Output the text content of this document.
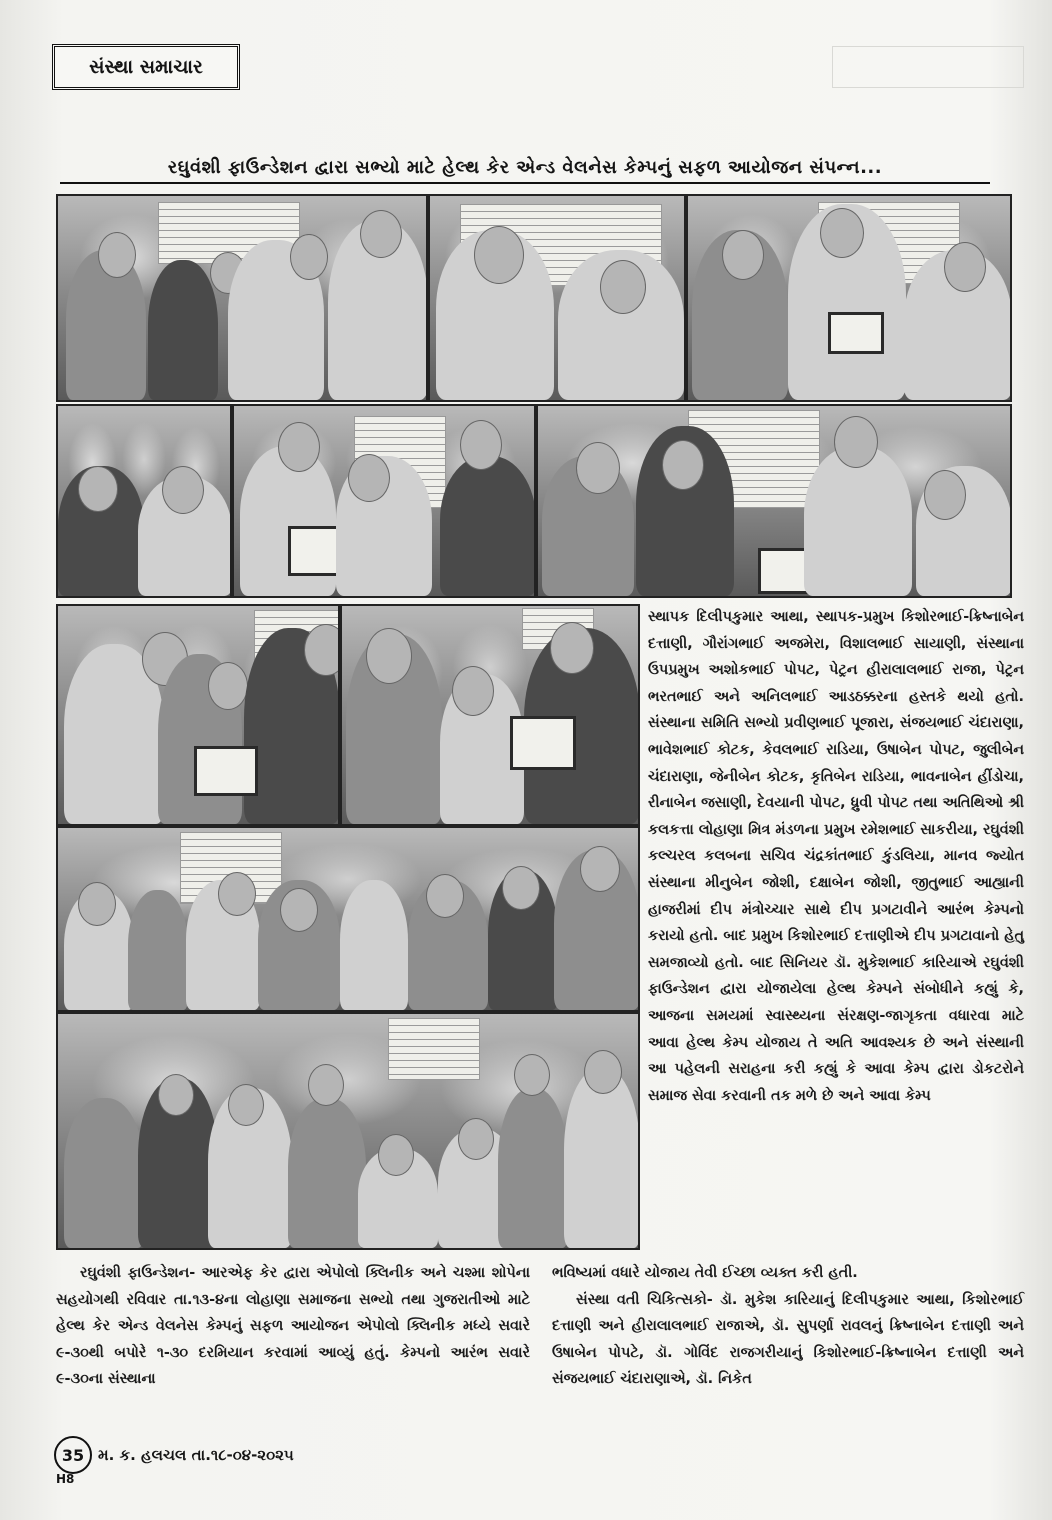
સંસ્થા સમાચાર
રઘુવંશી ફાઉન્ડેશન દ્વારા સભ્યો માટે હેલ્થ કેર એન્ડ વેલનેસ કેમ્પનું સફળ આયોજન સંપન્ન...

સ્થાપક દિલીપકુમાર આથા, સ્થાપક-પ્રમુખ કિશોરભાઈ-ક્રિષ્નાબેન દત્તાણી, ગૌરાંગભાઈ અજમેરા, વિશાલભાઈ સાયાણી, સંસ્થાના ઉપપ્રમુખ અશોકભાઈ પોપટ, પેટ્રન હીરાલાલભાઈ રાજા, પેટ્રન ભરતભાઈ અને અનિલભાઈ આડઠક્કરના હસ્તકે થયો હતો. સંસ્થાના સમિતિ સભ્યો પ્રવીણભાઈ પૂજારા, સંજયભાઈ ચંદારાણા, ભાવેશભાઈ કોટક, કેવલભાઈ રાડિયા, ઉષાબેન પોપટ, જુલીબેન ચંદારાણા, જેનીબેન કોટક, કૃતિબેન રાડિયા, ભાવનાબેન હીંડોચા, રીનાબેન જસાણી, દેવયાની પોપટ, ધ્રુવી પોપટ તથા અતિથિઓ શ્રી કલકત્તા લોહાણા મિત્ર મંડળના પ્રમુખ રમેશભાઈ સાકરીયા, રઘુવંશી કલ્ચરલ કલબના સચિવ ચંદ્રકાંતભાઈ કુંડલિયા, માનવ જ્યોત સંસ્થાના મીનુબેન જોશી, દક્ષાબેન જોશી, જીતુભાઈ આહ્યાની હાજરીમાં દીપ મંત્રોચ્ચાર સાથે દીપ પ્રગટાવીને આરંભ કેમ્પનો કરાયો હતો. બાદ પ્રમુખ કિશોરભાઈ દત્તાણીએ દીપ પ્રગટાવાનો હેતુ સમજાવ્યો હતો. બાદ સિનિયર ડૉ. મુકેશભાઈ કારિયાએ રઘુવંશી ફાઉન્ડેશન દ્વારા યોજાયેલા હેલ્થ કેમ્પને સંબોધીને કહ્યું કે, આજના સમયમાં સ્વાસ્થ્યના સંરક્ષણ-જાગૃકતા વધારવા માટે આવા હેલ્થ કેમ્પ યોજાય તે અતિ આવશ્યક છે અને સંસ્થાની આ પહેલની સરાહના કરી કહ્યું કે આવા કેમ્પ દ્વારા ડોકટરોને સમાજ સેવા કરવાની તક મળે છે અને આવા કેમ્પ

રઘુવંશી ફાઉન્ડેશન- આરએફ કેર દ્વારા એપોલો ક્લિનીક અને ચશ્મા શોપેના સહયોગથી રવિવાર તા.૧૩-૪ના લોહાણા સમાજના સભ્યો તથા ગુજરાતીઓ માટે હેલ્થ કેર એન્ડ વેલનેસ કેમ્પનું સફળ આયોજન એપોલો ક્લિનીક મધ્યે સવારે ૯-૩૦થી બપોરે ૧-૩૦ દરમિયાન કરવામાં આવ્યું હતું. કેમ્પનો આરંભ સવારે ૯-૩૦ના સંસ્થાના

ભવિષ્યમાં વધારે યોજાય તેવી ઈચ્છા વ્યક્ત કરી હતી.

સંસ્થા વતી ચિકિત્સકો- ડૉ. મુકેશ કારિયાનું દિલીપકુમાર આથા, કિશોરભાઈ દત્તાણી અને હીરાલાલભાઈ રાજાએ, ડૉ. સુપર્ણા રાવલનું ક્રિષ્નાબેન દત્તાણી અને ઉષાબેન પોપટે, ડૉ. ગોવિંદ રાજગરીયાનું કિશોરભાઈ-ક્રિષ્નાબેન દત્તાણી અને સંજયભાઈ ચંદારાણાએ, ડૉ. નિકેત

35 મ. ક. હલચલ તા.૧૮-૦૪-૨૦૨૫
H8
